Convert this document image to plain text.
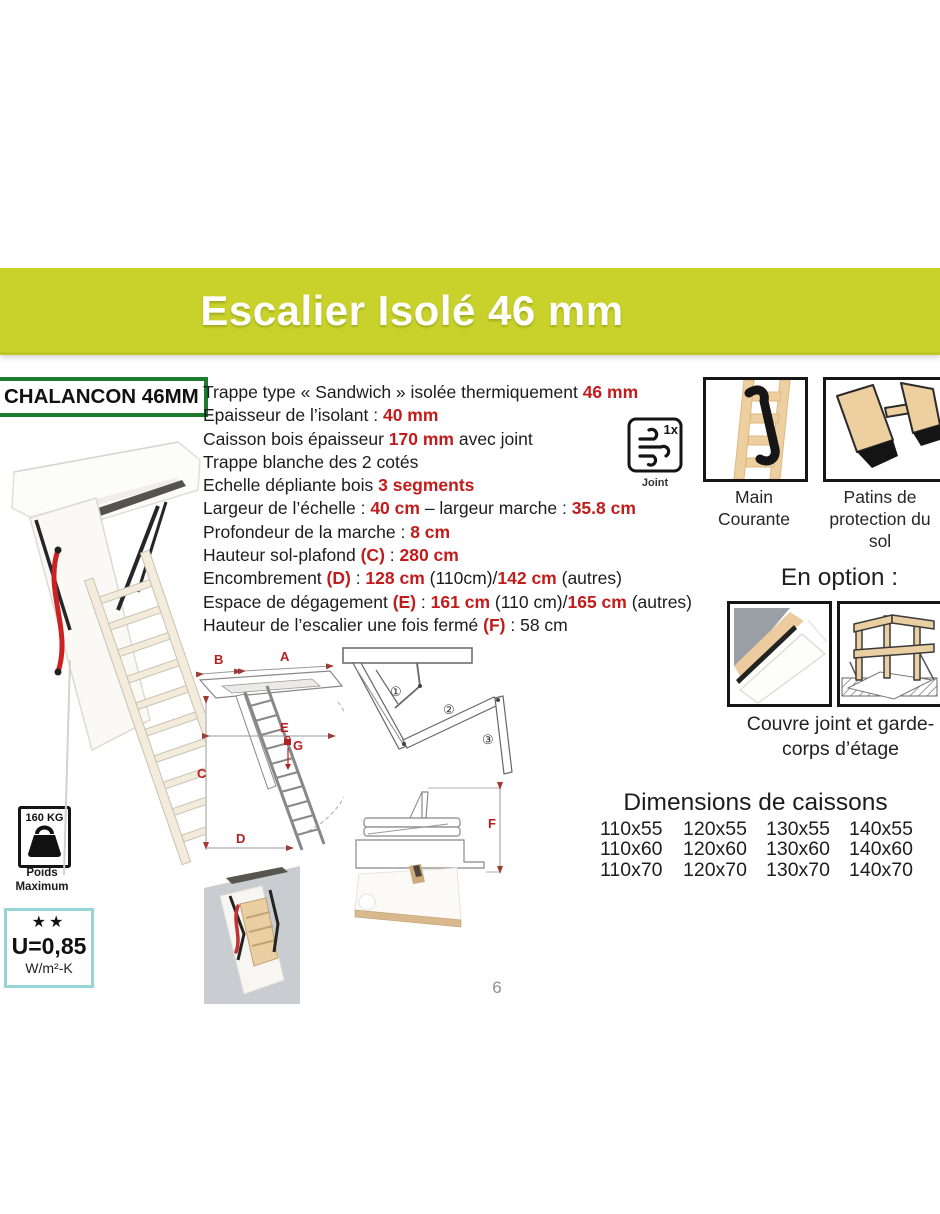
Escalier Isolé 46 mm
CHALANCON 46MM Trappe type « Sandwich » isolée thermiquement 46 mm
Epaisseur de l’isolant : 40 mm
Caisson bois épaisseur 170 mm avec joint
Trappe blanche des 2 cotés
Echelle dépliante bois 3 segments
Largeur de l’échelle : 40 cm – largeur marche : 35.8 cm
Profondeur de la marche : 8 cm
Hauteur sol-plafond (C) : 280 cm
Encombrement (D) : 128 cm (110cm)/142 cm (autres)
Espace de dégagement (E) : 161 cm (110 cm)/165 cm (autres)
Hauteur de l’escalier une fois fermé (F) : 58 cm
1x
Joint
Main Courante
Patins de protection du sol
En option :
Couvre joint et garde-corps d’étage
Dimensions de caissons
110x55	120x55 130x55 140x55
110x60	120x60 130x60 140x60
110x70	120x70 130x70 140x70
160 KG
Poids Maximum
★★
U=0,85
W/m²-K
B	A
C
D
E
G
①
②
③
F
6
